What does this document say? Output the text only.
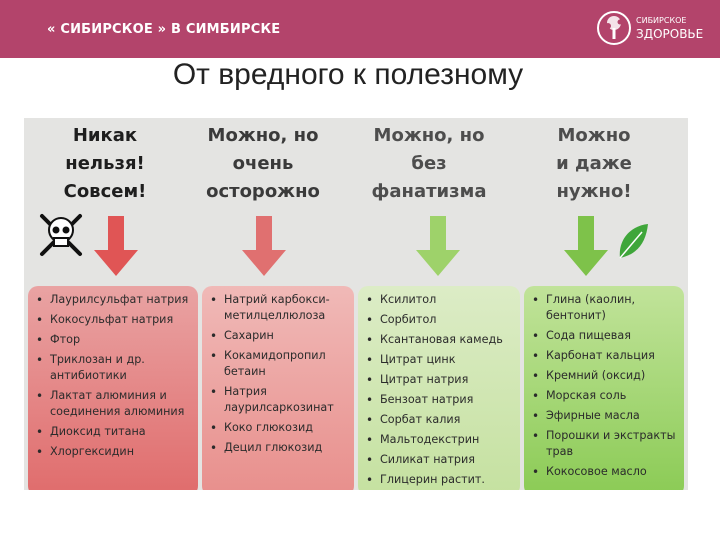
« СИБИРСКОЕ » В СИМБИРСКЕ
СИБИРСКОЕ
ЗДОРОВЬЕ
От вредного к полезному
Никак
нельзя!
Совсем!
Можно, но
очень
осторожно
Можно, но
без
фанатизма
Можно
и даже
нужно!
• Лаурилсульфат натрия
• Кокосульфат натрия
• Фтор
• Триклозан и др. антибиотики
• Лактат алюминия и соединения алюминия
• Диоксид титана
• Хлоргексидин
• Натрий карбокси-метилцеллюлоза
• Сахарин
• Кокамидопропил бетаин
• Натрия лаурилсаркозинат
• Коко глюкозид
• Децил глюкозид
• Ксилитол
• Сорбитол
• Ксантановая камедь
• Цитрат цинк
• Цитрат натрия
• Бензоат натрия
• Сорбат калия
• Мальтодекстрин
• Силикат натрия
• Глицерин растит.
• Глина (каолин, бентонит)
• Сода пищевая
• Карбонат кальция
• Кремний (оксид)
• Морская соль
• Эфирные масла
• Порошки и экстракты трав
• Кокосовое масло
